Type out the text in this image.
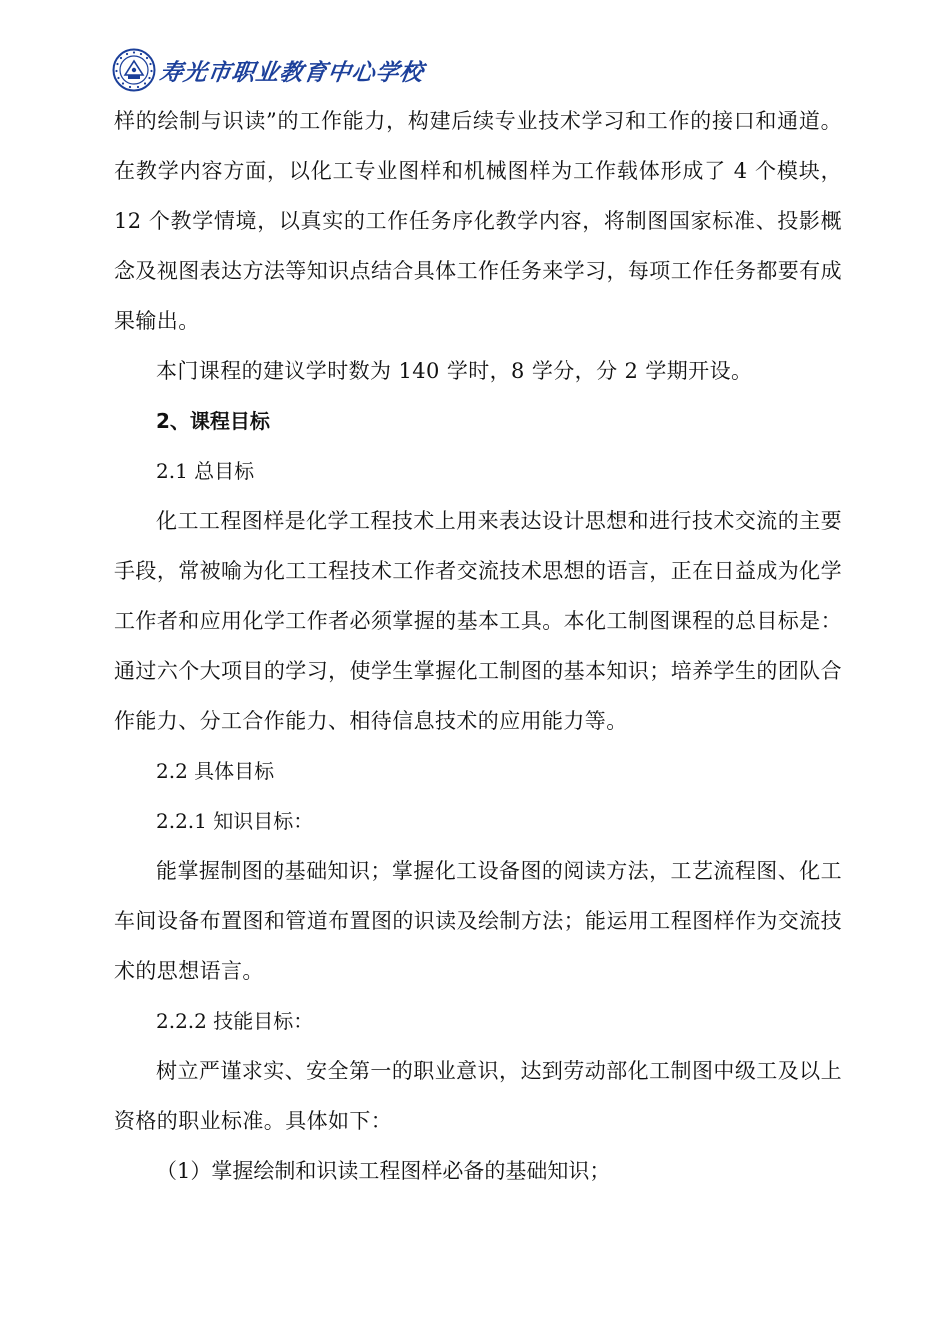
寿光市职业教育中心学校

样的绘制与识读”的工作能力，构建后续专业技术学习和工作的接口和通道。在教学内容方面，以化工专业图样和机械图样为工作载体形成了 4 个模块，12 个教学情境，以真实的工作任务序化教学内容，将制图国家标准、投影概念及视图表达方法等知识点结合具体工作任务来学习，每项工作任务都要有成果输出。

本门课程的建议学时数为 140 学时，8 学分，分 2 学期开设。

2、课程目标

2.1 总目标

化工工程图样是化学工程技术上用来表达设计思想和进行技术交流的主要手段，常被喻为化工工程技术工作者交流技术思想的语言，正在日益成为化学工作者和应用化学工作者必须掌握的基本工具。本化工制图课程的总目标是：通过六个大项目的学习，使学生掌握化工制图的基本知识；培养学生的团队合作能力、分工合作能力、相待信息技术的应用能力等。

2.2 具体目标

2.2.1 知识目标：

能掌握制图的基础知识；掌握化工设备图的阅读方法，工艺流程图、化工车间设备布置图和管道布置图的识读及绘制方法；能运用工程图样作为交流技术的思想语言。

2.2.2 技能目标：

树立严谨求实、安全第一的职业意识，达到劳动部化工制图中级工及以上资格的职业标准。具体如下：

（1）掌握绘制和识读工程图样必备的基础知识；
